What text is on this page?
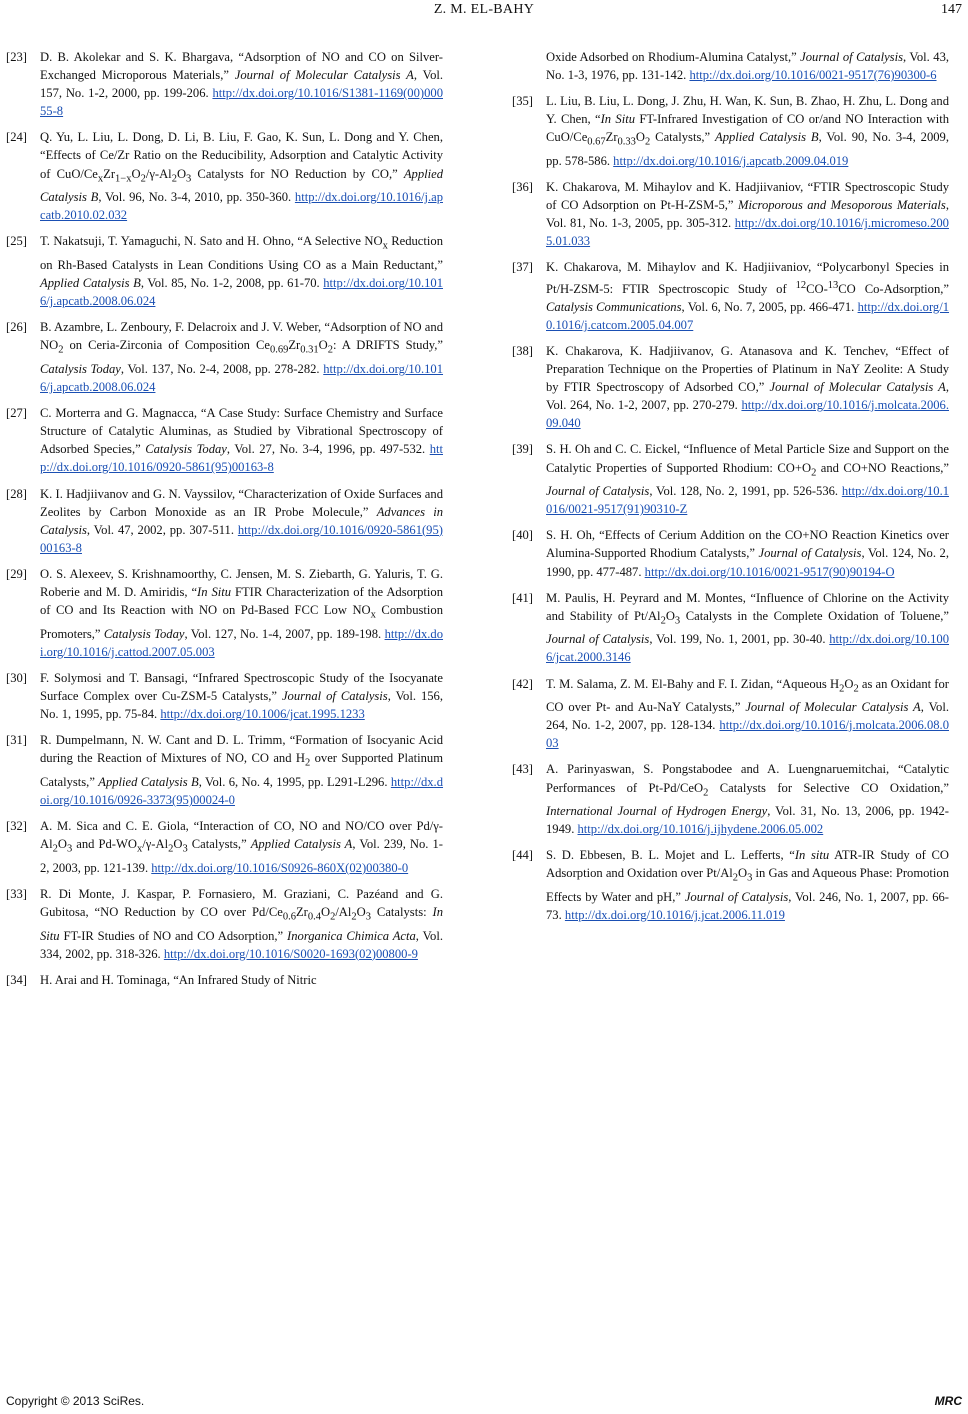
Z. M. EL-BAHY	147
[23] D. B. Akolekar and S. K. Bhargava, “Adsorption of NO and CO on Silver-Exchanged Microporous Materials,” Journal of Molecular Catalysis A, Vol. 157, No. 1-2, 2000, pp. 199-206. http://dx.doi.org/10.1016/S1381-1169(00)00055-8
[24] Q. Yu, L. Liu, L. Dong, D. Li, B. Liu, F. Gao, K. Sun, L. Dong and Y. Chen, “Effects of Ce/Zr Ratio on the Reducibility, Adsorption and Catalytic Activity of CuO/$Ce_xZr_{1-x}O_2/\gamma-Al_2O_3$ Catalysts for NO Reduction by CO,” Applied Catalysis B, Vol. 96, No. 3-4, 2010, pp. 350-360. http://dx.doi.org/10.1016/j.apcatb.2010.02.032
[25] T. Nakatsuji, T. Yamaguchi, N. Sato and H. Ohno, “A Selective $NO_x$ Reduction on Rh-Based Catalysts in Lean Conditions Using CO as a Main Reductant,” Applied Catalysis B, Vol. 85, No. 1-2, 2008, pp. 61-70. http://dx.doi.org/10.1016/j.apcatb.2008.06.024
[26] B. Azambre, L. Zenboury, F. Delacroix and J. V. Weber, “Adsorption of NO and $NO_2$ on Ceria-Zirconia of Composition $Ce_{0.69}Zr_{0.31}O_2$: A DRIFTS Study,” Catalysis Today, Vol. 137, No. 2-4, 2008, pp. 278-282. http://dx.doi.org/10.1016/j.apcatb.2008.06.024
[27] C. Morterra and G. Magnacca, “A Case Study: Surface Chemistry and Surface Structure of Catalytic Aluminas, as Studied by Vibrational Spectroscopy of Adsorbed Species,” Catalysis Today, Vol. 27, No. 3-4, 1996, pp. 497-532. http://dx.doi.org/10.1016/0920-5861(95)00163-8
[28] K. I. Hadjiivanov and G. N. Vayssilov, “Characterization of Oxide Surfaces and Zeolites by Carbon Monoxide as an IR Probe Molecule,” Advances in Catalysis, Vol. 47, 2002, pp. 307-511. http://dx.doi.org/10.1016/0920-5861(95)00163-8
[29] O. S. Alexeev, S. Krishnamoorthy, C. Jensen, M. S. Ziebarth, G. Yaluris, T. G. Roberie and M. D. Amiridis, “In Situ FTIR Characterization of the Adsorption of CO and Its Reaction with NO on Pd-Based FCC Low $NO_x$ Combustion Promoters,” Catalysis Today, Vol. 127, No. 1-4, 2007, pp. 189-198. http://dx.doi.org/10.1016/j.cattod.2007.05.003
[30] F. Solymosi and T. Bansagi, “Infrared Spectroscopic Study of the Isocyanate Surface Complex over Cu-ZSM-5 Catalysts,” Journal of Catalysis, Vol. 156, No. 1, 1995, pp. 75-84. http://dx.doi.org/10.1006/jcat.1995.1233
[31] R. Dumpelmann, N. W. Cant and D. L. Trimm, “Formation of Isocyanic Acid during the Reaction of Mixtures of NO, CO and $H_2$ over Supported Platinum Catalysts,” Applied Catalysis B, Vol. 6, No. 4, 1995, pp. L291-L296. http://dx.doi.org/10.1016/0926-3373(95)00024-0
[32] A. M. Sica and C. E. Giola, “Interaction of CO, NO and NO/CO over $Pd/\gamma-Al_2O_3$ and $Pd-WO_x/\gamma-Al_2O_3$ Catalysts,” Applied Catalysis A, Vol. 239, No. 1-2, 2003, pp. 121-139. http://dx.doi.org/10.1016/S0926-860X(02)00380-0
[33] R. Di Monte, J. Kaspar, P. Fornasiero, M. Graziani, C. Pazéand and G. Gubitosa, “NO Reduction by CO over $Pd/Ce_{0.6}Zr_{0.4}O_2/Al_2O_3$ Catalysts: In Situ FT-IR Studies of NO and CO Adsorption,” Inorganica Chimica Acta, Vol. 334, 2002, pp. 318-326. http://dx.doi.org/10.1016/S0020-1693(02)00800-9
[34] H. Arai and H. Tominaga, “An Infrared Study of Nitric
Oxide Adsorbed on Rhodium-Alumina Catalyst,” Journal of Catalysis, Vol. 43, No. 1-3, 1976, pp. 131-142. http://dx.doi.org/10.1016/0021-9517(76)90300-6
[35] L. Liu, B. Liu, L. Dong, J. Zhu, H. Wan, K. Sun, B. Zhao, H. Zhu, L. Dong and Y. Chen, “In Situ FT-Infrared Investigation of CO or/and NO Interaction with CuO/$Ce_{0.67}Zr_{0.33}O_2$ Catalysts,” Applied Catalysis B, Vol. 90, No. 3-4, 2009, pp. 578-586. http://dx.doi.org/10.1016/j.apcatb.2009.04.019
[36] K. Chakarova, M. Mihaylov and K. Hadjiivaniov, “FTIR Spectroscopic Study of CO Adsorption on Pt-H-ZSM-5,” Microporous and Mesoporous Materials, Vol. 81, No. 1-3, 2005, pp. 305-312. http://dx.doi.org/10.1016/j.micromeso.2005.01.033
[37] K. Chakarova, M. Mihaylov and K. Hadjiivaniov, “Polycarbonyl Species in Pt/H-ZSM-5: FTIR Spectroscopic Study of $^{12}$CO-$^{13}$CO Co-Adsorption,” Catalysis Communications, Vol. 6, No. 7, 2005, pp. 466-471. http://dx.doi.org/10.1016/j.catcom.2005.04.007
[38] K. Chakarova, K. Hadjiivanov, G. Atanasova and K. Tenchev, “Effect of Preparation Technique on the Properties of Platinum in NaY Zeolite: A Study by FTIR Spectroscopy of Adsorbed CO,” Journal of Molecular Catalysis A, Vol. 264, No. 1-2, 2007, pp. 270-279. http://dx.doi.org/10.1016/j.molcata.2006.09.040
[39] S. H. Oh and C. C. Eickel, “Influence of Metal Particle Size and Support on the Catalytic Properties of Supported Rhodium: $CO+O_2$ and CO+NO Reactions,” Journal of Catalysis, Vol. 128, No. 2, 1991, pp. 526-536. http://dx.doi.org/10.1016/0021-9517(91)90310-Z
[40] S. H. Oh, “Effects of Cerium Addition on the CO+NO Reaction Kinetics over Alumina-Supported Rhodium Catalysts,” Journal of Catalysis, Vol. 124, No. 2, 1990, pp. 477-487. http://dx.doi.org/10.1016/0021-9517(90)90194-O
[41] M. Paulis, H. Peyrard and M. Montes, “Influence of Chlorine on the Activity and Stability of $Pt/Al_2O_3$ Catalysts in the Complete Oxidation of Toluene,” Journal of Catalysis, Vol. 199, No. 1, 2001, pp. 30-40. http://dx.doi.org/10.1006/jcat.2000.3146
[42] T. M. Salama, Z. M. El-Bahy and F. I. Zidan, “Aqueous $H_2O_2$ as an Oxidant for CO over Pt- and Au-NaY Catalysts,” Journal of Molecular Catalysis A, Vol. 264, No. 1-2, 2007, pp. 128-134. http://dx.doi.org/10.1016/j.molcata.2006.08.003
[43] A. Parinyaswan, S. Pongstabodee and A. Luengnaruemitchai, “Catalytic Performances of Pt-Pd/CeO$_2$ Catalysts for Selective CO Oxidation,” International Journal of Hydrogen Energy, Vol. 31, No. 13, 2006, pp. 1942-1949. http://dx.doi.org/10.1016/j.ijhydene.2006.05.002
[44] S. D. Ebbesen, B. L. Mojet and L. Lefferts, “In situ ATR-IR Study of CO Adsorption and Oxidation over $Pt/Al_2O_3$ in Gas and Aqueous Phase: Promotion Effects by Water and pH,” Journal of Catalysis, Vol. 246, No. 1, 2007, pp. 66-73. http://dx.doi.org/10.1016/j.jcat.2006.11.019
Copyright © 2013 SciRes.	MRC
